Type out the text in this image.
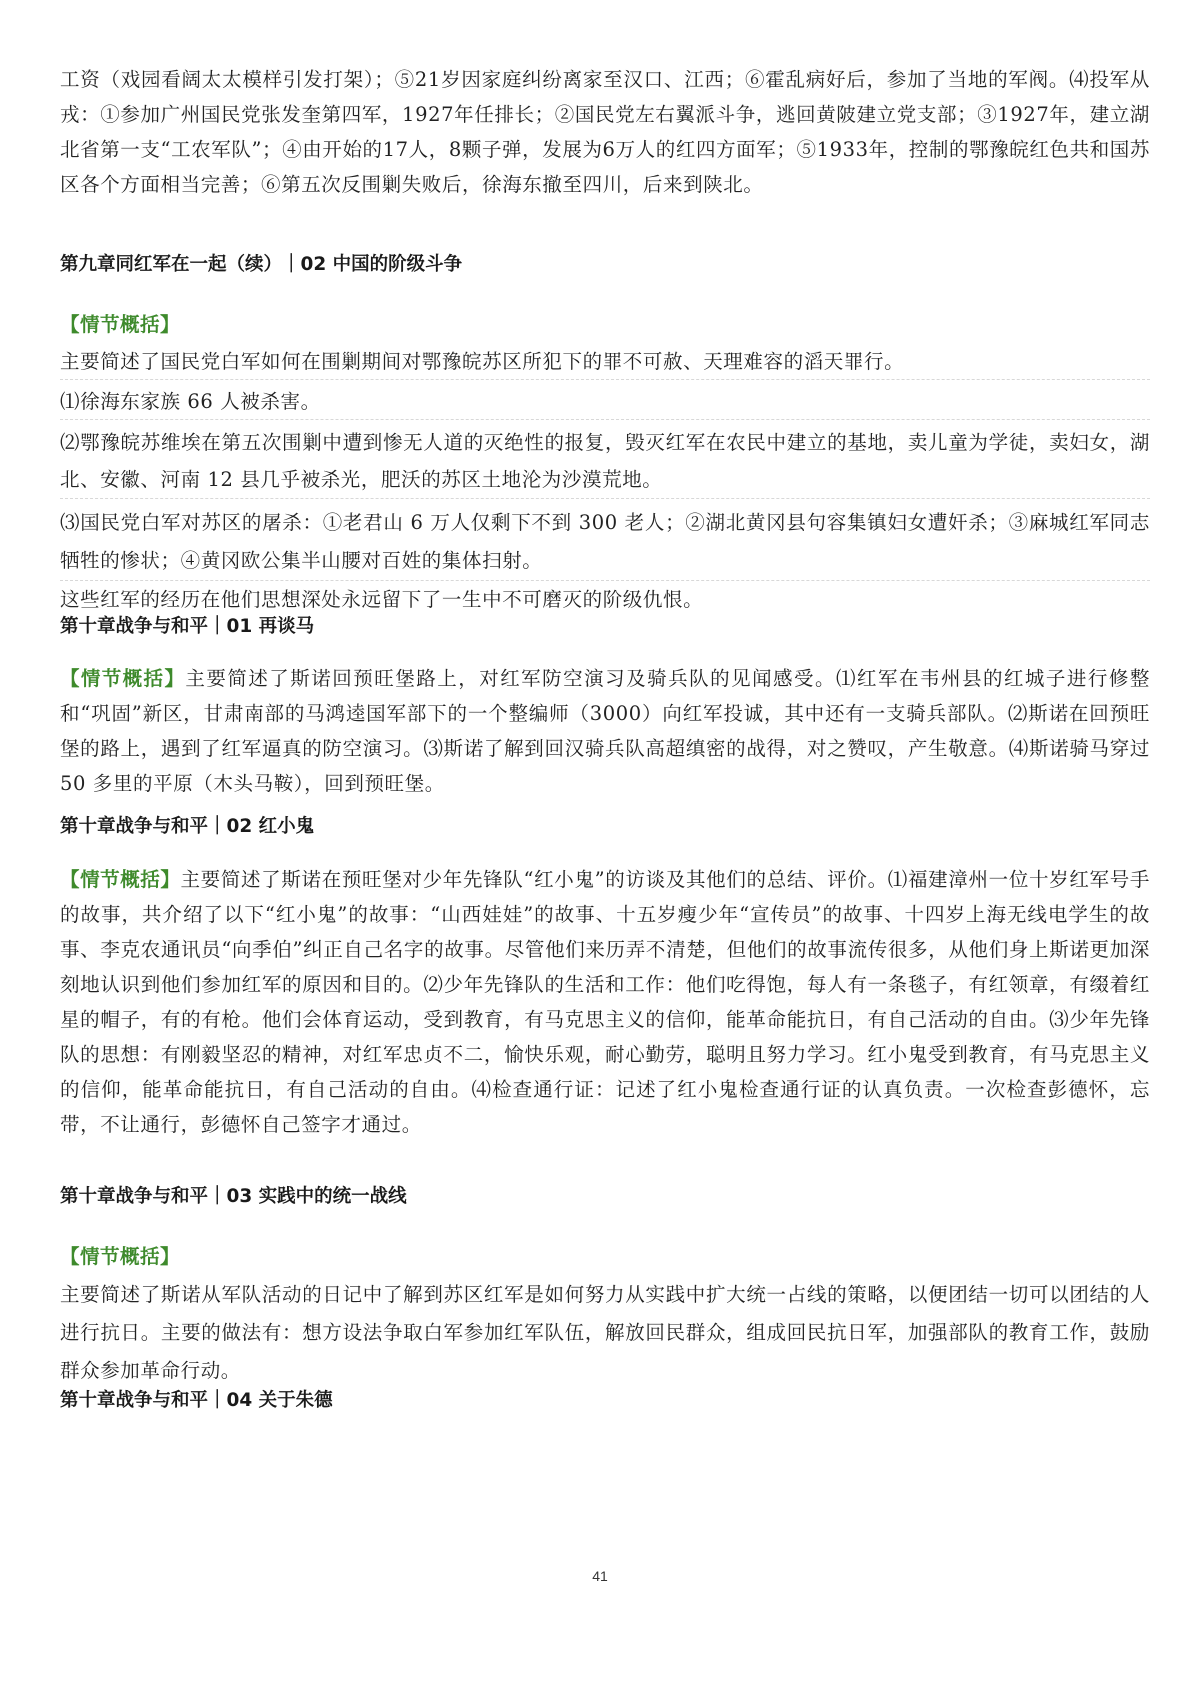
工资（戏园看阔太太模样引发打架）；⑤21岁因家庭纠纷离家至汉口、江西；⑥霍乱病好后，参加了当地的军阀。⑷投军从戎：①参加广州国民党张发奎第四军，1927年任排长；②国民党左右翼派斗争，逃回黄陂建立党支部；③1927年，建立湖北省第一支“工农军队”；④由开始的17人，8颗子弹，发展为6万人的红四方面军；⑤1933年，控制的鄂豫皖红色共和国苏区各个方面相当完善；⑥第五次反围剿失败后，徐海东撤至四川，后来到陕北。

第九章同红军在一起（续）｜02 中国的阶级斗争

【情节概括】

主要简述了国民党白军如何在围剿期间对鄂豫皖苏区所犯下的罪不可赦、天理难容的滔天罪行。

⑴徐海东家族 66 人被杀害。

⑵鄂豫皖苏维埃在第五次围剿中遭到惨无人道的灭绝性的报复，毁灭红军在农民中建立的基地，卖儿童为学徒，卖妇女，湖北、安徽、河南 12 县几乎被杀光，肥沃的苏区土地沦为沙漠荒地。

⑶国民党白军对苏区的屠杀：①老君山 6 万人仅剩下不到 300 老人；②湖北黄冈县句容集镇妇女遭奸杀；③麻城红军同志牺牲的惨状；④黄冈欧公集半山腰对百姓的集体扫射。

这些红军的经历在他们思想深处永远留下了一生中不可磨灭的阶级仇恨。

第十章战争与和平｜01 再谈马

【情节概括】主要简述了斯诺回预旺堡路上，对红军防空演习及骑兵队的见闻感受。⑴红军在韦州县的红城子进行修整和“巩固”新区，甘肃南部的马鸿逵国军部下的一个整编师（3000）向红军投诚，其中还有一支骑兵部队。⑵斯诺在回预旺堡的路上，遇到了红军逼真的防空演习。⑶斯诺了解到回汉骑兵队高超缜密的战得，对之赞叹，产生敬意。⑷斯诺骑马穿过 50 多里的平原（木头马鞍），回到预旺堡。

第十章战争与和平｜02 红小鬼

【情节概括】主要简述了斯诺在预旺堡对少年先锋队“红小鬼”的访谈及其他们的总结、评价。⑴福建漳州一位十岁红军号手的故事，共介绍了以下“红小鬼”的故事：“山西娃娃”的故事、十五岁瘦少年“宣传员”的故事、十四岁上海无线电学生的故事、李克农通讯员“向季伯”纠正自己名字的故事。尽管他们来历弄不清楚，但他们的故事流传很多，从他们身上斯诺更加深刻地认识到他们参加红军的原因和目的。⑵少年先锋队的生活和工作：他们吃得饱，每人有一条毯子，有红领章，有缀着红星的帽子，有的有枪。他们会体育运动，受到教育，有马克思主义的信仰，能革命能抗日，有自己活动的自由。⑶少年先锋队的思想：有刚毅坚忍的精神，对红军忠贞不二，愉快乐观，耐心勤劳，聪明且努力学习。红小鬼受到教育，有马克思主义的信仰，能革命能抗日，有自己活动的自由。⑷检查通行证：记述了红小鬼检查通行证的认真负责。一次检查彭德怀，忘带，不让通行，彭德怀自己签字才通过。

第十章战争与和平｜03 实践中的统一战线

【情节概括】

主要简述了斯诺从军队活动的日记中了解到苏区红军是如何努力从实践中扩大统一占线的策略，以便团结一切可以团结的人进行抗日。主要的做法有：想方设法争取白军参加红军队伍，解放回民群众，组成回民抗日军，加强部队的教育工作，鼓励群众参加革命行动。

第十章战争与和平｜04 关于朱德

41
